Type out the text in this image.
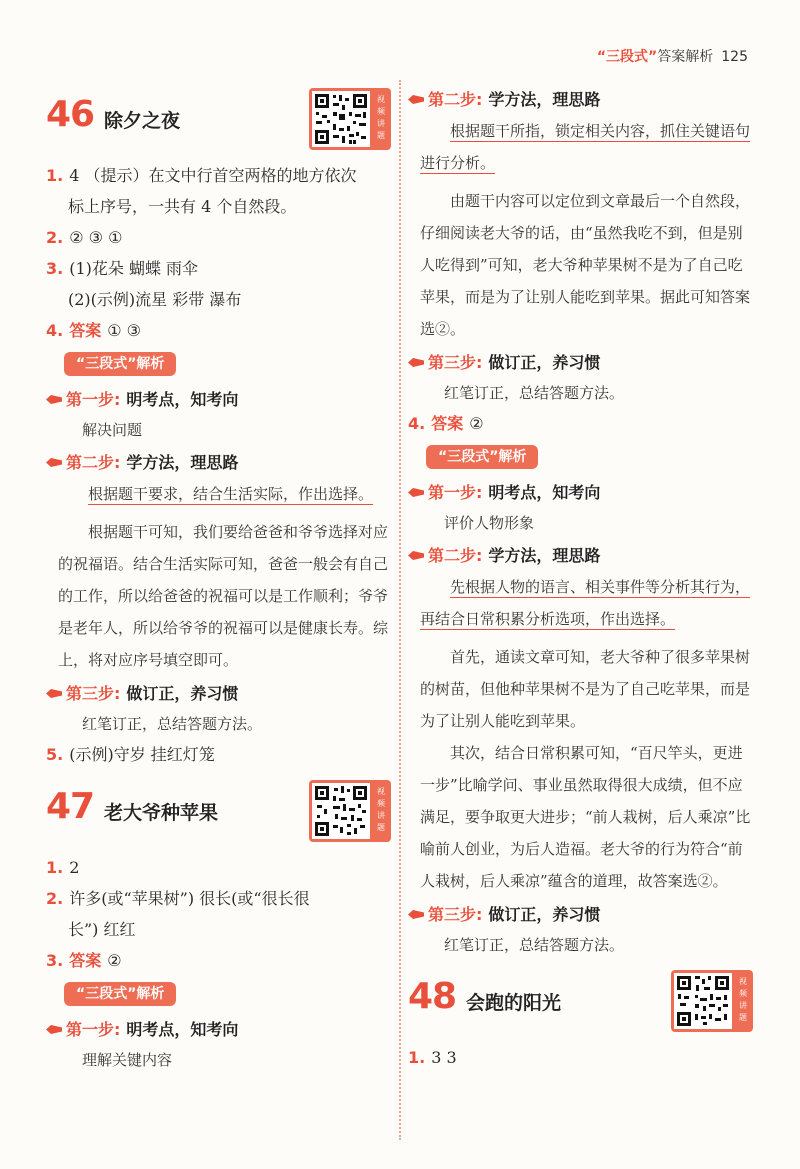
“三段式”答案解析 125
46 除夕之夜
视
频
讲
题

1. 4 （提示）在文中行首空两格的地方依次

标上序号，一共有 4 个自然段。

2. ② ③ ①

3. (1)花朵 蝴蝶 雨伞

(2)(示例)流星 彩带 瀑布

4. 答案 ① ③

“三段式”解析
第一步: 明考点，知考向
解决问题
第二步: 学方法，理思路

根据题干要求，结合生活实际，作出选择。

根据题干可知，我们要给爸爸和爷爷选择对应的祝福语。结合生活实际可知，爸爸一般会有自己的工作，所以给爸爸的祝福可以是工作顺利；爷爷是老年人，所以给爷爷的祝福可以是健康长寿。综上，将对应序号填空即可。

第三步: 做订正，养习惯
红笔订正，总结答题方法。

5. (示例)守岁 挂红灯笼

47 老大爷种苹果
视
频
讲
题

1. 2

2. 许多(或“苹果树”) 很长(或“很长很

长”) 红红

3. 答案 ②

“三段式”解析
第一步: 明考点，知考向
理解关键内容
第二步: 学方法，理思路

根据题干所指，锁定相关内容，抓住关键语句进行分析。

由题干内容可以定位到文章最后一个自然段，仔细阅读老大爷的话，由“虽然我吃不到，但是别人吃得到”可知，老大爷种苹果树不是为了自己吃苹果，而是为了让别人能吃到苹果。据此可知答案选②。

第三步: 做订正，养习惯
红笔订正，总结答题方法。

4. 答案 ②

“三段式”解析
第一步: 明考点，知考向
评价人物形象
第二步: 学方法，理思路

先根据人物的语言、相关事件等分析其行为，再结合日常积累分析选项，作出选择。

首先，通读文章可知，老大爷种了很多苹果树的树苗，但他种苹果树不是为了自己吃苹果，而是为了让别人能吃到苹果。

其次，结合日常积累可知，“百尺竿头，更进一步”比喻学问、事业虽然取得很大成绩，但不应满足，要争取更大进步；“前人栽树，后人乘凉”比喻前人创业，为后人造福。老大爷的行为符合“前人栽树，后人乘凉”蕴含的道理，故答案选②。

第三步: 做订正，养习惯
红笔订正，总结答题方法。
48 会跑的阳光
视
频
讲
题

1. 3 3
